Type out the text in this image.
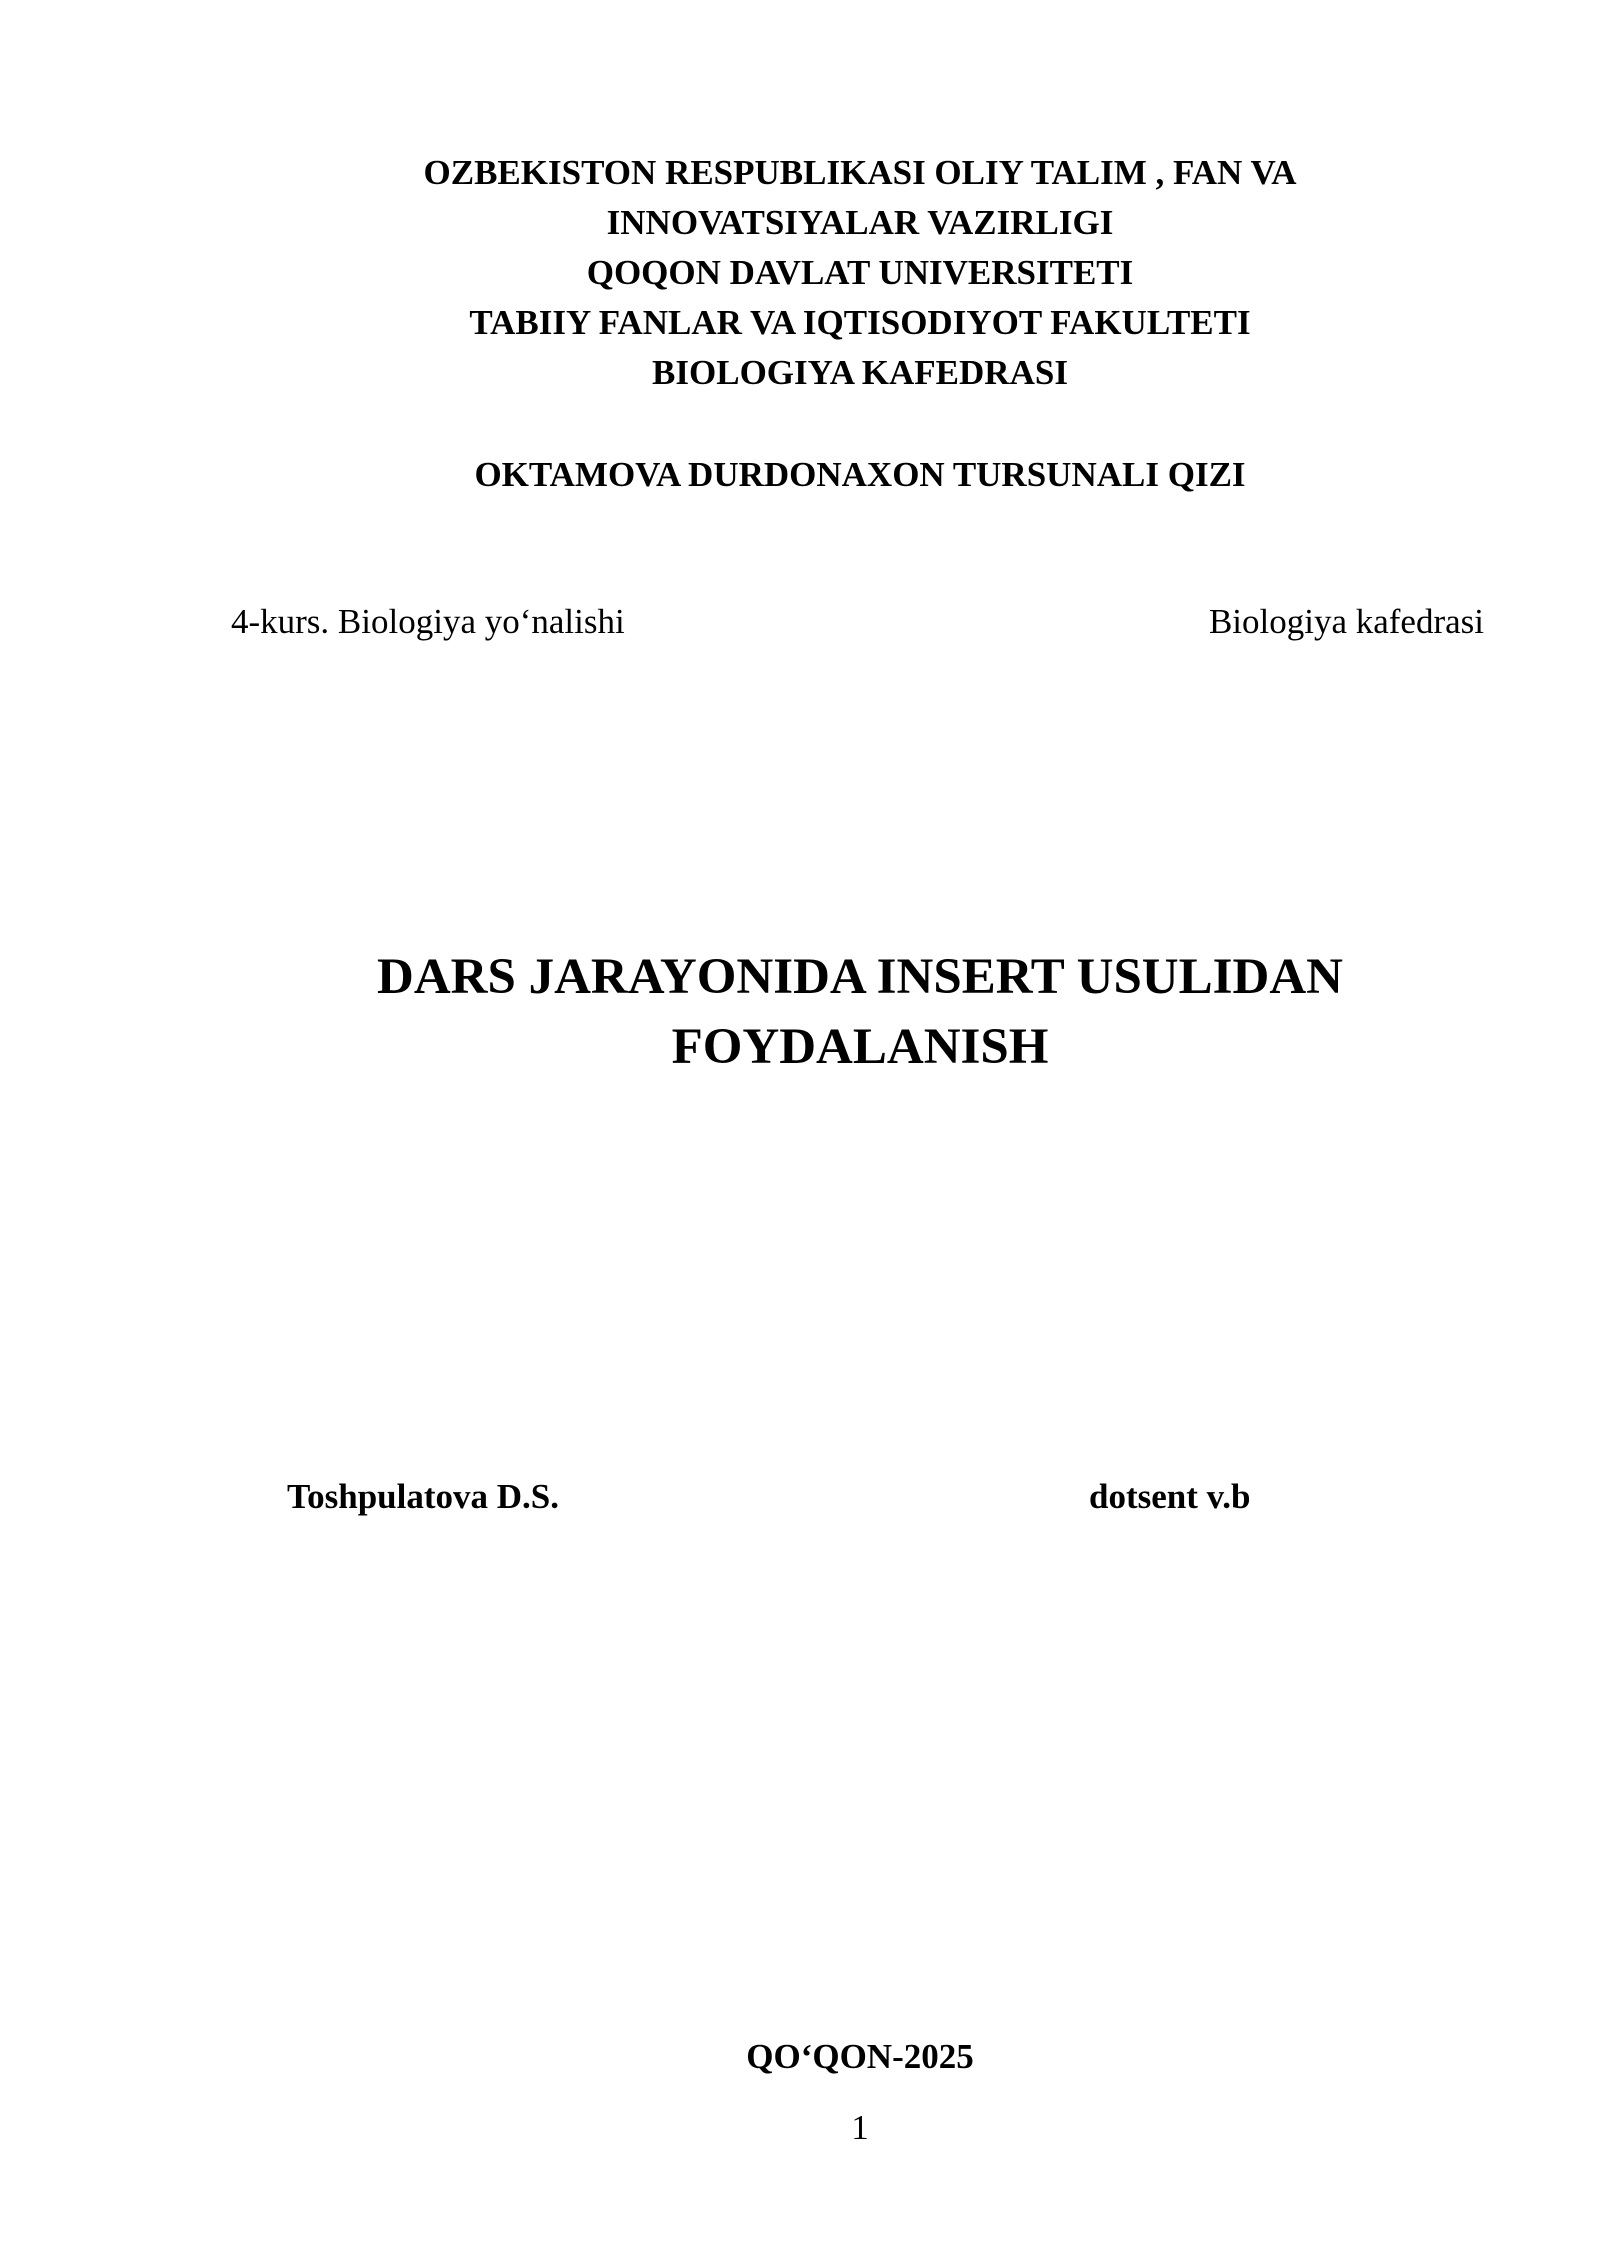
OZBEKISTON RESPUBLIKASI OLIY TALIM , FAN VA
INNOVATSIYALAR VAZIRLIGI
QOQON DAVLAT UNIVERSITETI
TABIIY FANLAR VA IQTISODIYOT FAKULTETI
BIOLOGIYA KAFEDRASI
OKTAMOVA DURDONAXON TURSUNALI QIZI
4-kurs. Biologiya yo‘nalishi	Biologiya kafedrasi
DARS JARAYONIDA INSERT USULIDAN
FOYDALANISH
Toshpulatova D.S.	dotsent v.b
QO‘QON-2025
1
